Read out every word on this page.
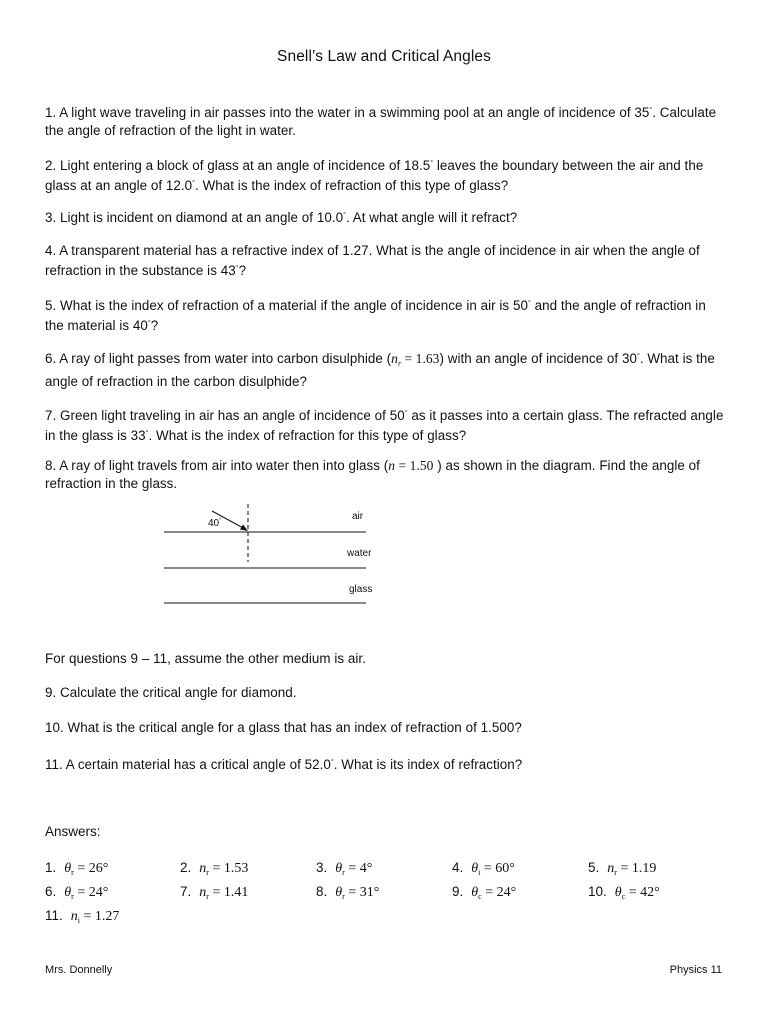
Snell’s Law and Critical Angles

1. A light wave traveling in air passes into the water in a swimming pool at an angle of incidence of 35°. Calculate the angle of refraction of the light in water.

2. Light entering a block of glass at an angle of incidence of 18.5° leaves the boundary between the air and the glass at an angle of 12.0°. What is the index of refraction of this type of glass?

3. Light is incident on diamond at an angle of 10.0°. At what angle will it refract?

4. A transparent material has a refractive index of 1.27. What is the angle of incidence in air when the angle of refraction in the substance is 43°?

5. What is the index of refraction of a material if the angle of incidence in air is 50° and the angle of refraction in the material is 40°?

6. A ray of light passes from water into carbon disulphide $(n_r = 1.63)$ with an angle of incidence of 30°. What is the angle of refraction in the carbon disulphide?

7. Green light traveling in air has an angle of incidence of 50° as it passes into a certain glass. The refracted angle in the glass is 33°. What is the index of refraction for this type of glass?

8. A ray of light travels from air into water then into glass (n = 1.50 ) as shown in the diagram. Find the angle of refraction in the glass.

40°	air
water
glass

For questions 9 – 11, assume the other medium is air.

9. Calculate the critical angle for diamond.

10. What is the critical angle for a glass that has an index of refraction of 1.500?

11. A certain material has a critical angle of 52.0°. What is its index of refraction?

Answers:
1. $\theta_r = 26^\circ$	2. $n_r = 1.53$	3. $\theta_r = 4^\circ$	4. $\theta_i = 60^\circ$	5. $n_r = 1.19$
6. $\theta_r = 24^\circ$	7. $n_r = 1.41$	8. $\theta_r = 31^\circ$	9. $\theta_c = 24^\circ$	10. $\theta_c = 42^\circ$
11. $n_i = 1.27$
Mrs. Donnelly	Physics 11
